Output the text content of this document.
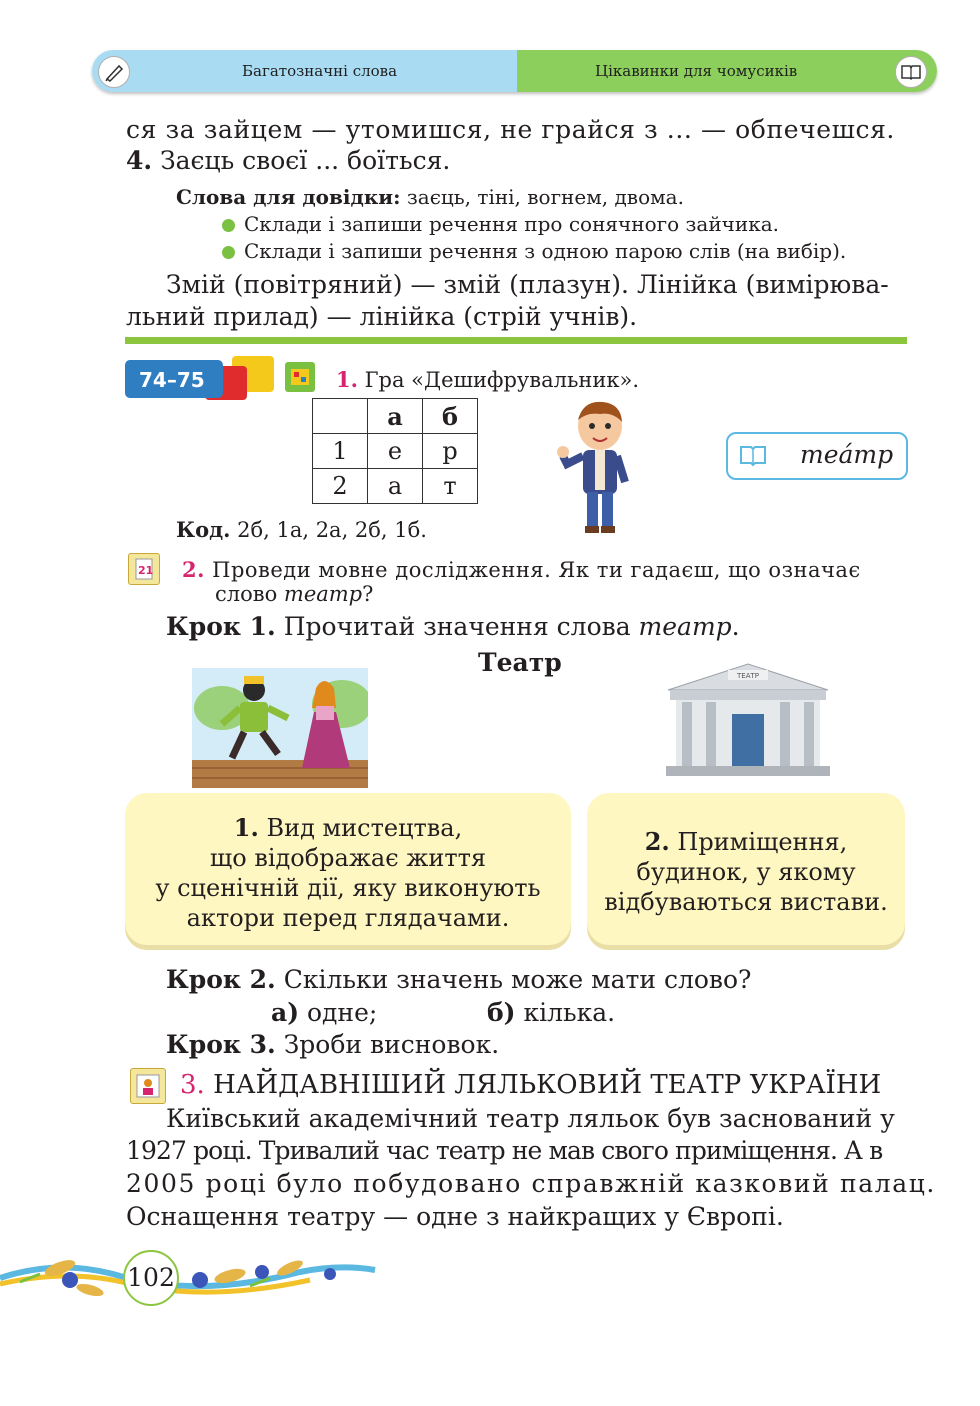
Багатозначні слова	Цікавинки для чомусиків
ся за зайцем — утомишся, не грайся з ... — обпечешся.
4. Заєць своєї ... боїться.
Слова для довідки: заєць, тіні, вогнем, двома.
Склади і запиши речення про сонячного зайчика.
Склади і запиши речення з одною парою слів (на вибір).
Змій (повітряний) — змій (плазун). Лінійка (вимірюва-
льний прилад) — лінійка (стрій учнів).
74–75	1. Гра «Дешифрувальник».
	а	б
1	е	р
2	а	т
Код. 2б, 1а, 2а, 2б, 1б.
теа́тр
21 2. Проведи мовне дослідження. Як ти гадаєш, що означає
слово театр?
Крок 1. Прочитай значення слова театр.
Театр	ТЕАТР
1. Вид мистецтва,
що відображає життя
у сценічній дії, яку виконують
актори перед глядачами.
2. Приміщення,
будинок, у якому
відбуваються вистави.
Крок 2. Скільки значень може мати слово?
а) одне;	б) кілька.
Крок 3. Зроби висновок.
3. НАЙДАВНІШИЙ ЛЯЛЬКОВИЙ ТЕАТР УКРАЇНИ
Київський академічний театр ляльок був заснований у
1927 році. Тривалий час театр не мав свого приміщення. А в
2005 році було побудовано справжній казковий палац.
Оснащення театру — одне з найкращих у Європі.
102
